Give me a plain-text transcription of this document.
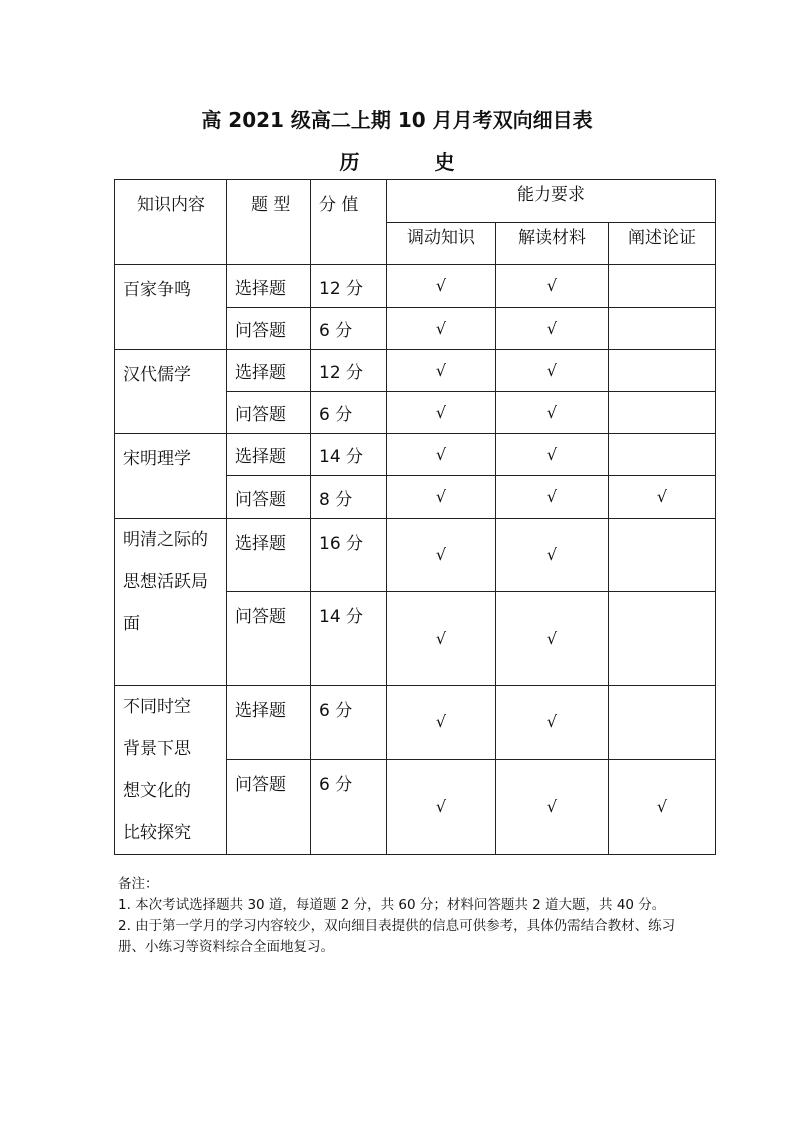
高 2021 级高二上期 10 月月考双向细目表
历 史
知识内容	题 型	分 值	能力要求		
			调动知识	解读材料	阐述论证
百家争鸣	选择题	12 分	√	√	
	问答题	6 分	√	√	
汉代儒学	选择题	12 分	√	√	
	问答题	6 分	√	√	
宋明理学	选择题	14 分	√	√	
	问答题	8 分	√	√	√
明清之际的思想活跃局面	选择题	16 分	√	√	
	问答题	14 分	√	√	
不同时空背景下思想文化的比较探究	选择题	6 分	√	√	
	问答题	6 分	√	√	√
备注：
1. 本次考试选择题共 30 道，每道题 2 分，共 60 分；材料问答题共 2 道大题，共 40 分。
2. 由于第一学月的学习内容较少，双向细目表提供的信息可供参考，具体仍需结合教材、练习册、小练习等资料综合全面地复习。
